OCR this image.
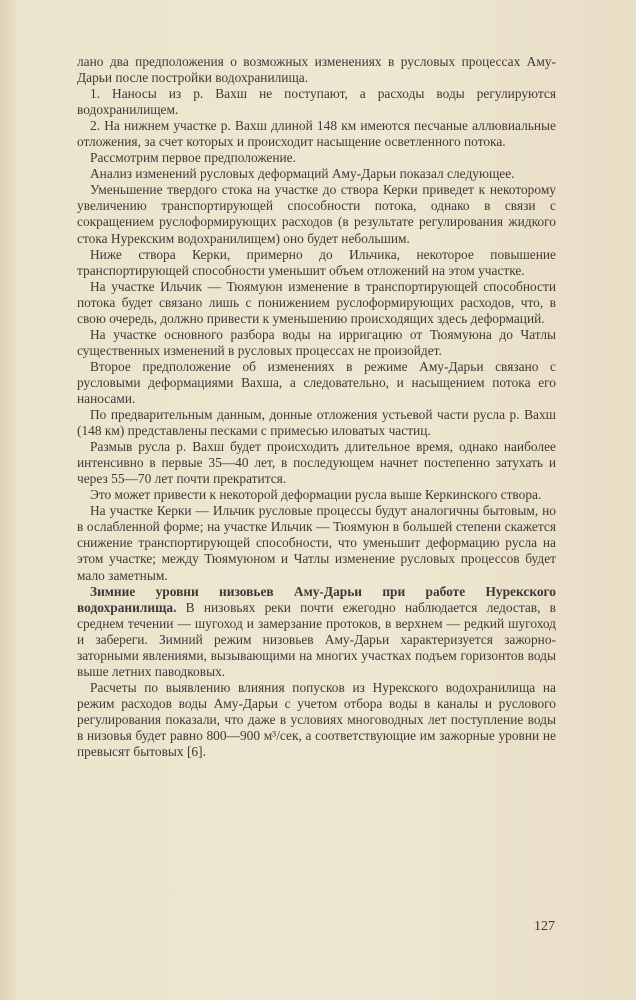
лано два предположения о возможных изменениях в русловых процессах Аму-Дарьи после постройки водохранилища.

1. Наносы из р. Вахш не поступают, а расходы воды регулируются водохранилищем.

2. На нижнем участке р. Вахш длиной 148 км имеются песчаные аллювиальные отложения, за счет которых и происходит насыщение осветленного потока.

Рассмотрим первое предположение.

Анализ изменений русловых деформаций Аму-Дарьи показал следующее.

Уменьшение твердого стока на участке до створа Керки приведет к некоторому увеличению транспортирующей способности потока, однако в связи с сокращением руслоформирующих расходов (в результате регулирования жидкого стока Нурекским водохранилищем) оно будет небольшим.

Ниже створа Керки, примерно до Ильчика, некоторое повышение транспортирующей способности уменьшит объем отложений на этом участке.

На участке Ильчик — Тюямуюн изменение в транспортирующей способности потока будет связано лишь с понижением руслоформирующих расходов, что, в свою очередь, должно привести к уменьшению происходящих здесь деформаций.

На участке основного разбора воды на ирригацию от Тюямуюна до Чатлы существенных изменений в русловых процессах не произойдет.

Второе предположение об изменениях в режиме Аму-Дарьи связано с русловыми деформациями Вахша, а следовательно, и насыщением потока его наносами.

По предварительным данным, донные отложения устьевой части русла р. Вахш (148 км) представлены песками с примесью иловатых частиц.

Размыв русла р. Вахш будет происходить длительное время, однако наиболее интенсивно в первые 35—40 лет, в последующем начнет постепенно затухать и через 55—70 лет почти прекратится.

Это может привести к некоторой деформации русла выше Керкинского створа.

На участке Керки — Ильчик русловые процессы будут аналогичны бытовым, но в ослабленной форме; на участке Ильчик — Тюямуюн в большей степени скажется снижение транспортирующей способности, что уменьшит деформацию русла на этом участке; между Тюямуюном и Чатлы изменение русловых процессов будет мало заметным.

Зимние уровни низовьев Аму-Дарьи при работе Нурекского водохранилища. В низовьях реки почти ежегодно наблюдается ледостав, в среднем течении — шугоход и замерзание протоков, в верхнем — редкий шугоход и забереги. Зимний режим низовьев Аму-Дарьи характеризуется зажорно-заторными явлениями, вызывающими на многих участках подъем горизонтов воды выше летних паводковых.

Расчеты по выявлению влияния попусков из Нурекского водохранилища на режим расходов воды Аму-Дарьи с учетом отбора воды в каналы и руслового регулирования показали, что даже в условиях многоводных лет поступление воды в низовья будет равно 800—900 м³/сек, а соответствующие им зажорные уровни не превысят бытовых [6].

127
